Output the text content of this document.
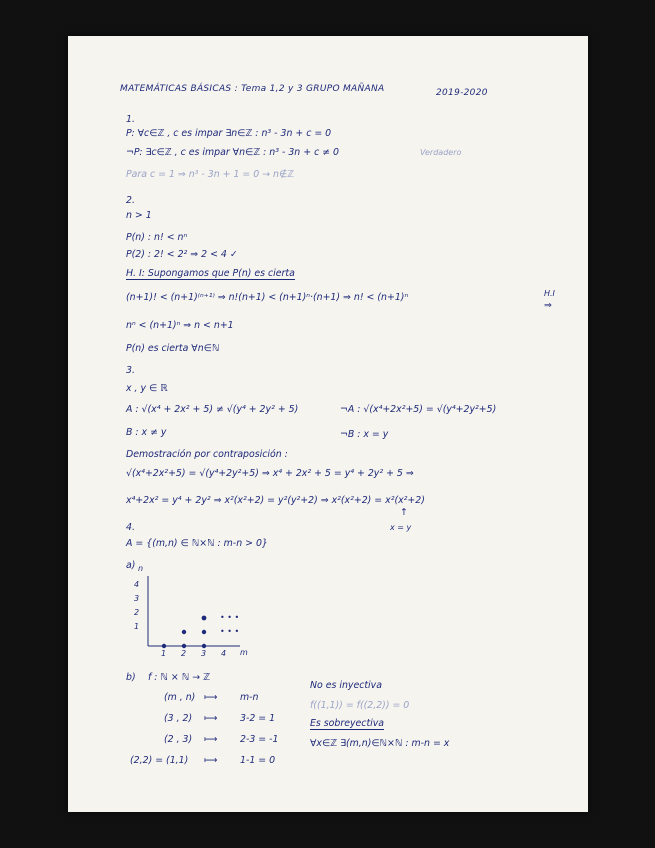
MATEMÁTICAS BÁSICAS : Tema 1,2 y 3 GRUPO MAÑANA	2019-2020
1.
P: ∀c∈ℤ , c es impar ∃n∈ℤ : n³ - 3n + c = 0
¬P: ∃c∈ℤ , c es impar ∀n∈ℤ : n³ - 3n + c ≠ 0	Verdadero
Para c = 1 ⇒ n³ - 3n + 1 = 0 → n∉ℤ
2.
n > 1
P(n) : n! < nⁿ
P(2) : 2! < 2² ⇒ 2 < 4 ✓
H. I: Supongamos que P(n) es cierta
(n+1)! < (n+1)⁽ⁿ⁺¹⁾ ⇒ n!(n+1) < (n+1)ⁿ·(n+1) ⇒ n! < (n+1)ⁿ	H.I
⇒
nⁿ < (n+1)ⁿ ⇒ n < n+1
P(n) es cierta ∀n∈ℕ
3.
x , y ∈ ℝ
A : √(x⁴ + 2x² + 5) ≠ √(y⁴ + 2y² + 5)	¬A : √(x⁴+2x²+5) = √(y⁴+2y²+5)
B : x ≠ y	¬B : x = y
Demostración por contraposición :
√(x⁴+2x²+5) = √(y⁴+2y²+5) ⇒ x⁴ + 2x² + 5 = y⁴ + 2y² + 5 ⇒
x⁴+2x² = y⁴ + 2y² ⇒ x²(x²+2) = y²(y²+2) ⇒ x²(x²+2) = x²(x²+2)
↑
x = y
4.
A = {(m,n) ∈ ℕ×ℕ : m-n > 0}
a) n
4
3
2
1
1 2 3 4 m
• • •
• • •
b) f : ℕ × ℕ → ℤ
(m , n) ⟼ m-n
(3 , 2) ⟼ 3-2 = 1
(2 , 3) ⟼ 2-3 = -1
(2,2) = (1,1) ⟼ 1-1 = 0
No es inyectiva
f((1,1)) = f((2,2)) = 0
Es sobreyectiva
∀x∈ℤ ∃(m,n)∈ℕ×ℕ : m-n = x
